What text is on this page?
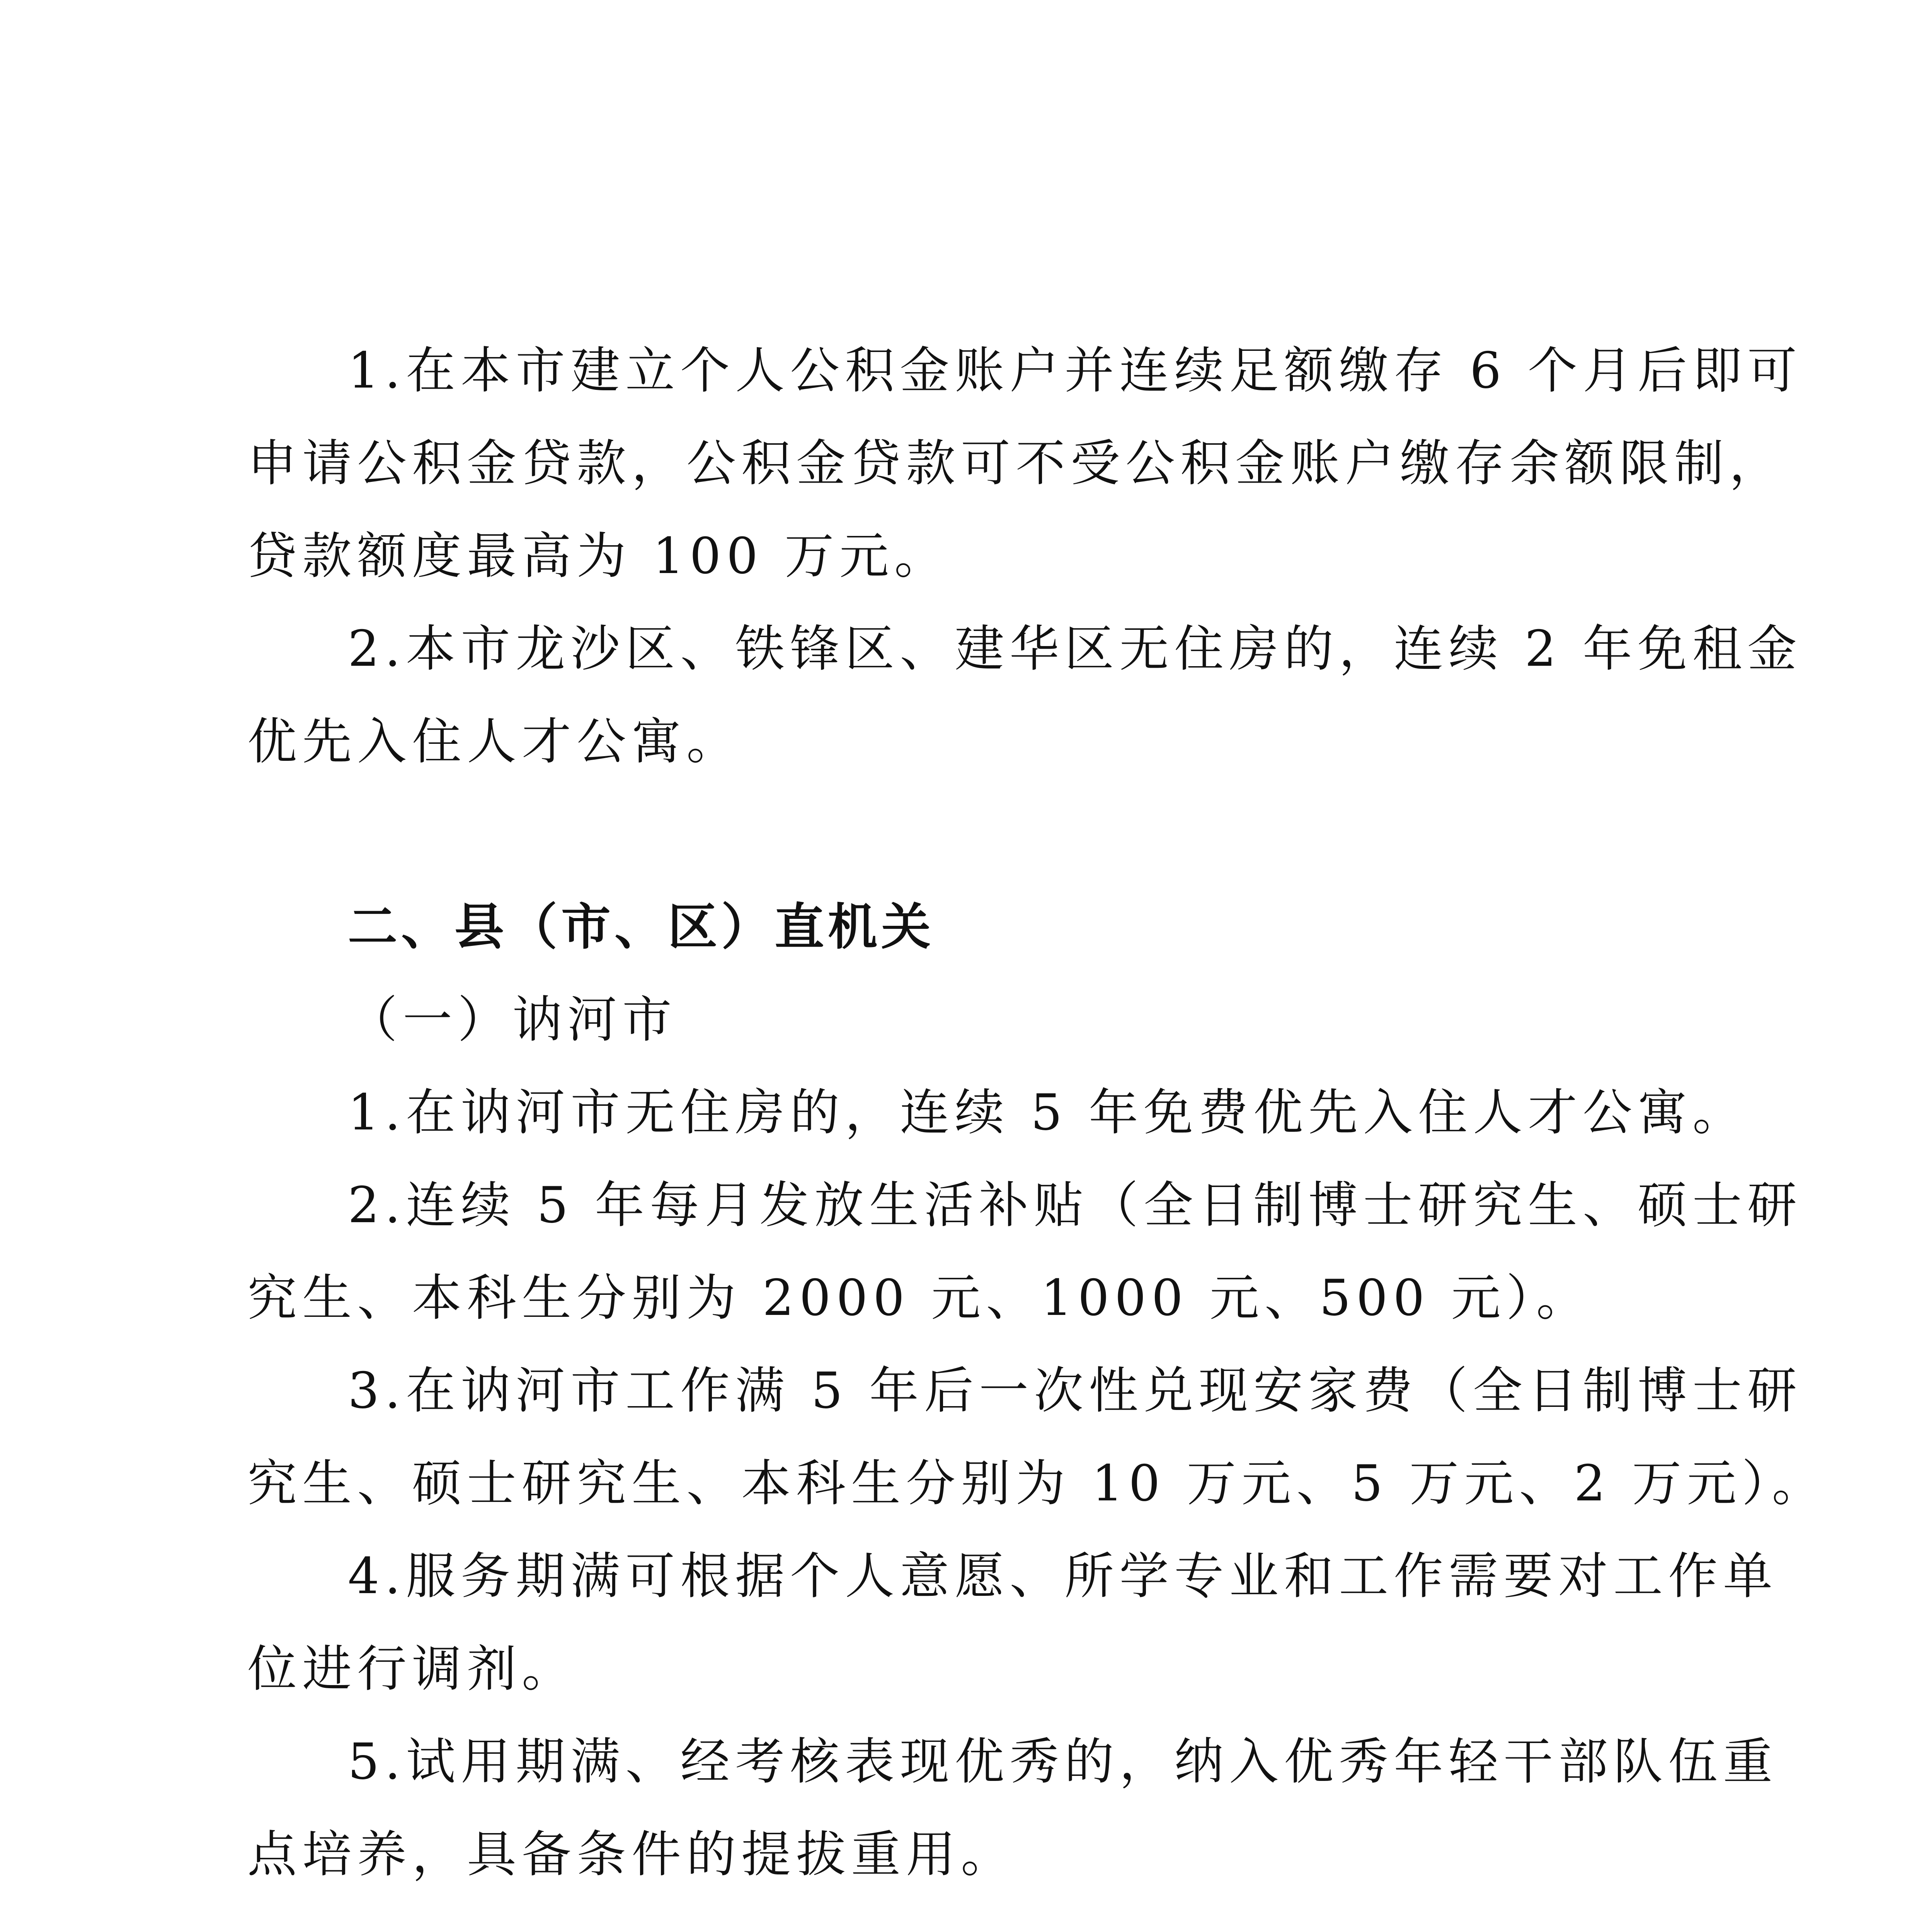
1.在本市建立个人公积金账户并连续足额缴存 6 个月后即可
申请公积金贷款，公积金贷款可不受公积金账户缴存余额限制，
贷款额度最高为 100 万元。
2.本市龙沙区、铁锋区、建华区无住房的，连续 2 年免租金
优先入住人才公寓。
二、县（市、区）直机关
（一）讷河市
1.在讷河市无住房的，连续 5 年免费优先入住人才公寓。
2.连续 5 年每月发放生活补贴（全日制博士研究生、硕士研
究生、本科生分别为 2000 元、1000 元、500 元）。
3.在讷河市工作满 5 年后一次性兑现安家费（全日制博士研
究生、硕士研究生、本科生分别为 10 万元、5 万元、2 万元）。
4.服务期满可根据个人意愿、所学专业和工作需要对工作单
位进行调剂。
5.试用期满、经考核表现优秀的，纳入优秀年轻干部队伍重
点培养，具备条件的提拔重用。
